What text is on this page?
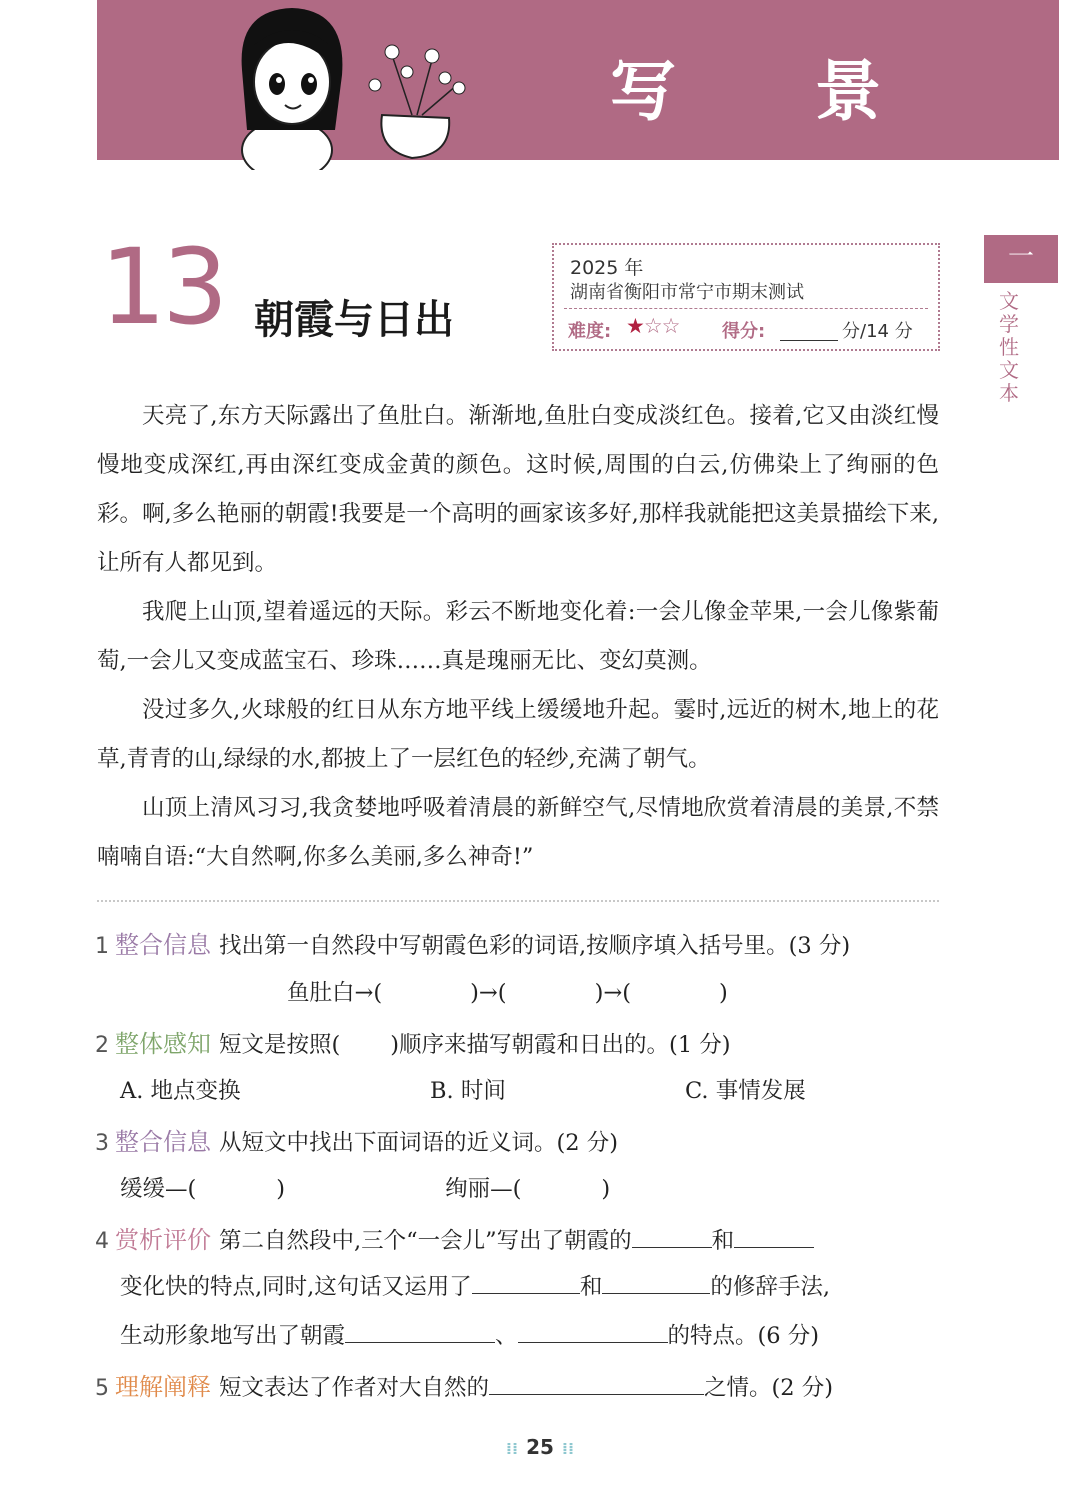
写 景
一
文学性文本
13 朝霞与日出
2025 年
湖南省衡阳市常宁市期末测试
难度: ★☆☆ 得分:	分/14 分

天亮了,东方天际露出了鱼肚白。渐渐地,鱼肚白变成淡红色。接着,它又由淡红慢慢地变成深红,再由深红变成金黄的颜色。这时候,周围的白云,仿佛染上了绚丽的色彩。啊,多么艳丽的朝霞!我要是一个高明的画家该多好,那样我就能把这美景描绘下来,让所有人都见到。

我爬上山顶,望着遥远的天际。彩云不断地变化着:一会儿像金苹果,一会儿像紫葡萄,一会儿又变成蓝宝石、珍珠……真是瑰丽无比、变幻莫测。

没过多久,火球般的红日从东方地平线上缓缓地升起。霎时,远近的树木,地上的花草,青青的山,绿绿的水,都披上了一层红色的轻纱,充满了朝气。

山顶上清风习习,我贪婪地呼吸着清晨的新鲜空气,尽情地欣赏着清晨的美景,不禁喃喃自语:“大自然啊,你多么美丽,多么神奇!”

1 整合信息 找出第一自然段中写朝霞色彩的词语,按顺序填入括号里。(3 分)
鱼肚白→(	)→(	)→(	)
2 整体感知 短文是按照( )顺序来描写朝霞和日出的。(1 分)
A. 地点变换	B. 时间	C. 事情发展
3 整合信息 从短文中找出下面词语的近义词。(2 分)
缓缓—(	)	绚丽—(	)
4 赏析评价 第二自然段中,三个“一会儿”写出了朝霞的	和
变化快的特点,同时,这句话又运用了	和	的修辞手法,
生动形象地写出了朝霞	、	的特点。(6 分)
5 理解阐释 短文表达了作者对大自然的	之情。(2 分)
⁞⁞ 25 ⁞⁞
